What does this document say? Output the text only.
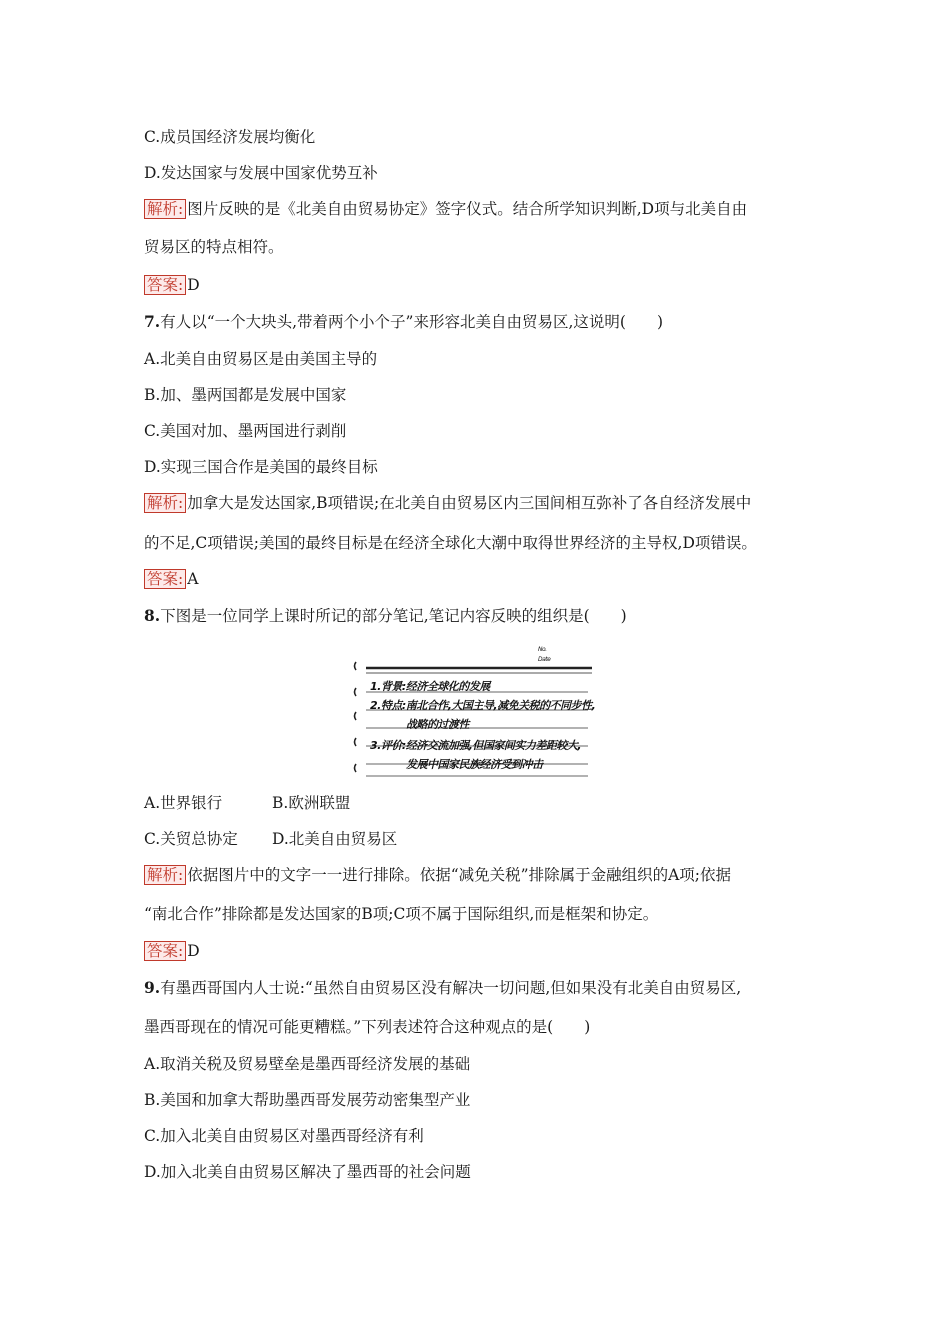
C.成员国经济发展均衡化
D.发达国家与发展中国家优势互补
解析: 图片反映的是《北美自由贸易协定》签字仪式。结合所学知识判断,D项与北美自由
贸易区的特点相符。
答案: D
7.有人以“一个大块头,带着两个小个子”来形容北美自由贸易区,这说明(　　)
A.北美自由贸易区是由美国主导的
B.加、墨两国都是发展中国家
C.美国对加、墨两国进行剥削
D.实现三国合作是美国的最终目标
解析: 加拿大是发达国家,B项错误;在北美自由贸易区内三国间相互弥补了各自经济发展中
的不足,C项错误;美国的最终目标是在经济全球化大潮中取得世界经济的主导权,D项错误。
答案: A
8.下图是一位同学上课时所记的部分笔记,笔记内容反映的组织是(　　)
No.
Date
1.背景:经济全球化的发展
2.特点:南北合作,大国主导,减免关税的不同步性,
战略的过渡性
3.评价:经济交流加强,但国家间实力差距较大,
发展中国家民族经济受到冲击
A.世界银行	B.欧洲联盟
C.关贸总协定 D.北美自由贸易区
解析: 依据图片中的文字一一进行排除。依据“减免关税”排除属于金融组织的A项;依据
“南北合作”排除都是发达国家的B项;C项不属于国际组织,而是框架和协定。
答案: D
9.有墨西哥国内人士说:“虽然自由贸易区没有解决一切问题,但如果没有北美自由贸易区,
墨西哥现在的情况可能更糟糕。”下列表述符合这种观点的是(　　)
A.取消关税及贸易壁垒是墨西哥经济发展的基础
B.美国和加拿大帮助墨西哥发展劳动密集型产业
C.加入北美自由贸易区对墨西哥经济有利
D.加入北美自由贸易区解决了墨西哥的社会问题
